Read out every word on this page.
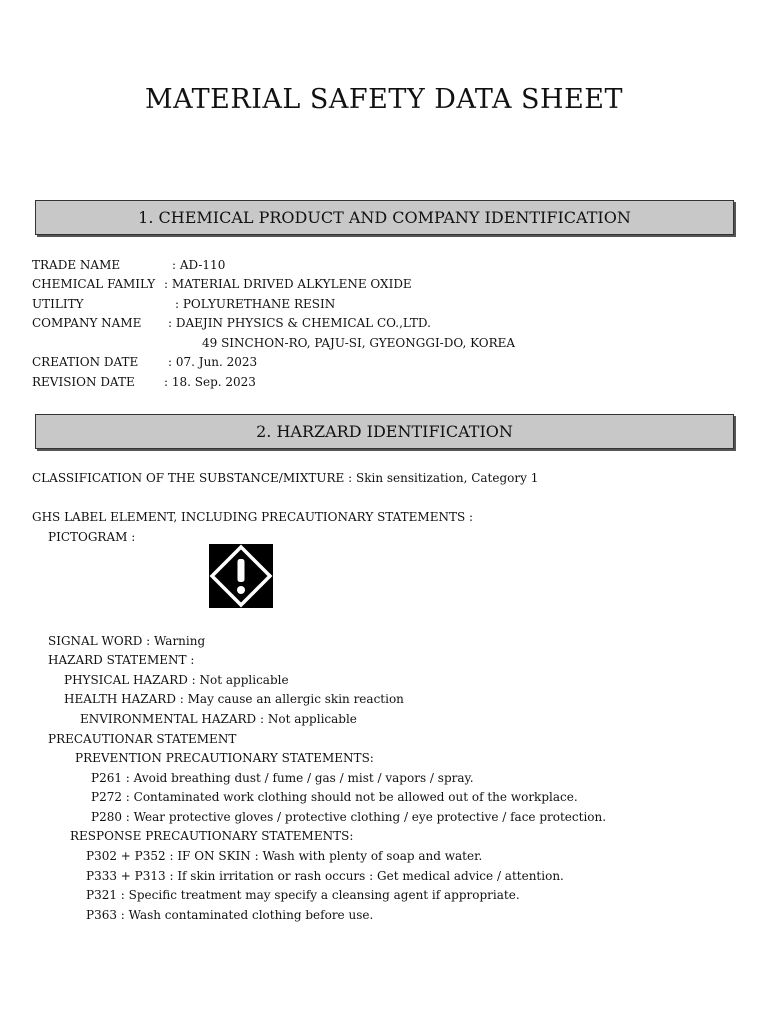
MATERIAL SAFETY DATA SHEET
1. CHEMICAL PRODUCT AND COMPANY IDENTIFICATION
TRADE NAME	: AD-110
CHEMICAL FAMILY : MATERIAL DRIVED ALKYLENE OXIDE
UTILITY	: POLYURETHANE RESIN
COMPANY NAME : DAEJIN PHYSICS & CHEMICAL CO.,LTD.
49 SINCHON-RO, PAJU-SI, GYEONGGI-DO, KOREA
CREATION DATE : 07. Jun. 2023
REVISION DATE : 18. Sep. 2023
2. HARZARD IDENTIFICATION
CLASSIFICATION OF THE SUBSTANCE/MIXTURE : Skin sensitization, Category 1
GHS LABEL ELEMENT, INCLUDING PRECAUTIONARY STATEMENTS :
PICTOGRAM :
SIGNAL WORD : Warning
HAZARD STATEMENT :
PHYSICAL HAZARD : Not applicable
HEALTH HAZARD : May cause an allergic skin reaction
ENVIRONMENTAL HAZARD : Not applicable
PRECAUTIONAR STATEMENT
PREVENTION PRECAUTIONARY STATEMENTS:
P261 : Avoid breathing dust / fume / gas / mist / vapors / spray.
P272 : Contaminated work clothing should not be allowed out of the workplace.
P280 : Wear protective gloves / protective clothing / eye protective / face protection.
RESPONSE PRECAUTIONARY STATEMENTS:
P302 + P352 : IF ON SKIN : Wash with plenty of soap and water.
P333 + P313 : If skin irritation or rash occurs : Get medical advice / attention.
P321 : Specific treatment may specify a cleansing agent if appropriate.
P363 : Wash contaminated clothing before use.
